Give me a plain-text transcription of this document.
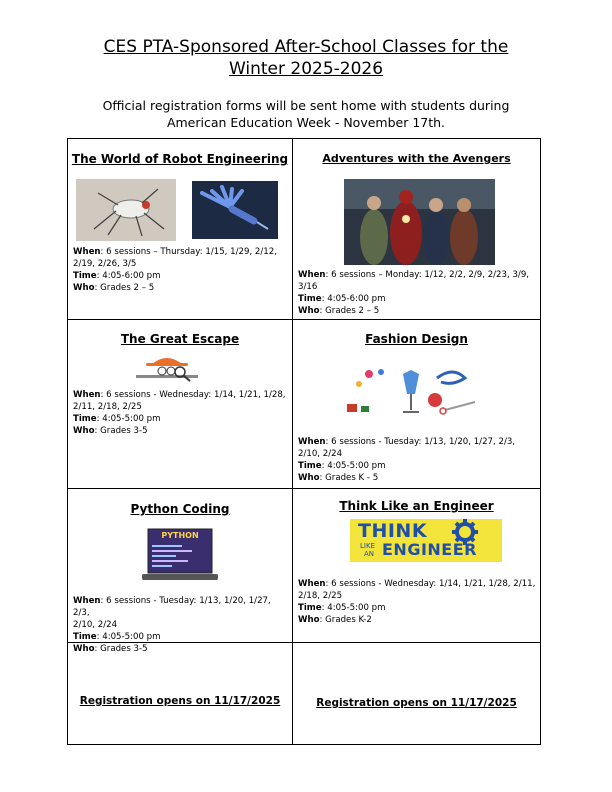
CES PTA-Sponsored After-School Classes for the
Winter 2025-2026
Official registration forms will be sent home with students during
American Education Week - November 17th.
The World of Robot Engineering
When: 6 sessions – Thursday: 1/15, 1/29, 2/12,
2/19, 2/26, 3/5
Time: 4:05-6:00 pm
Who: Grades 2 – 5
Adventures with the Avengers
When: 6 sessions – Monday: 1/12, 2/2, 2/9, 2/23, 3/9,
3/16
Time: 4:05-6:00 pm
Who: Grades 2 – 5
The Great Escape
When: 6 sessions - Wednesday: 1/14, 1/21, 1/28,
2/11, 2/18, 2/25
Time: 4:05-5:00 pm
Who: Grades 3-5
Fashion Design
When: 6 sessions - Tuesday: 1/13, 1/20, 1/27, 2/3,
2/10, 2/24
Time: 4:05-5:00 pm
Who: Grades K - 5
Python Coding
PYTHON
When: 6 sessions - Tuesday: 1/13, 1/20, 1/27, 2/3,
2/10, 2/24
Time: 4:05-5:00 pm
Who: Grades 3-5
Think Like an Engineer
THINK
LIKE
AN ENGINEER
When: 6 sessions - Wednesday: 1/14, 1/21, 1/28, 2/11,
2/18, 2/25
Time: 4:05-5:00 pm
Who: Grades K-2
Registration opens on 11/17/2025	Registration opens on 11/17/2025
